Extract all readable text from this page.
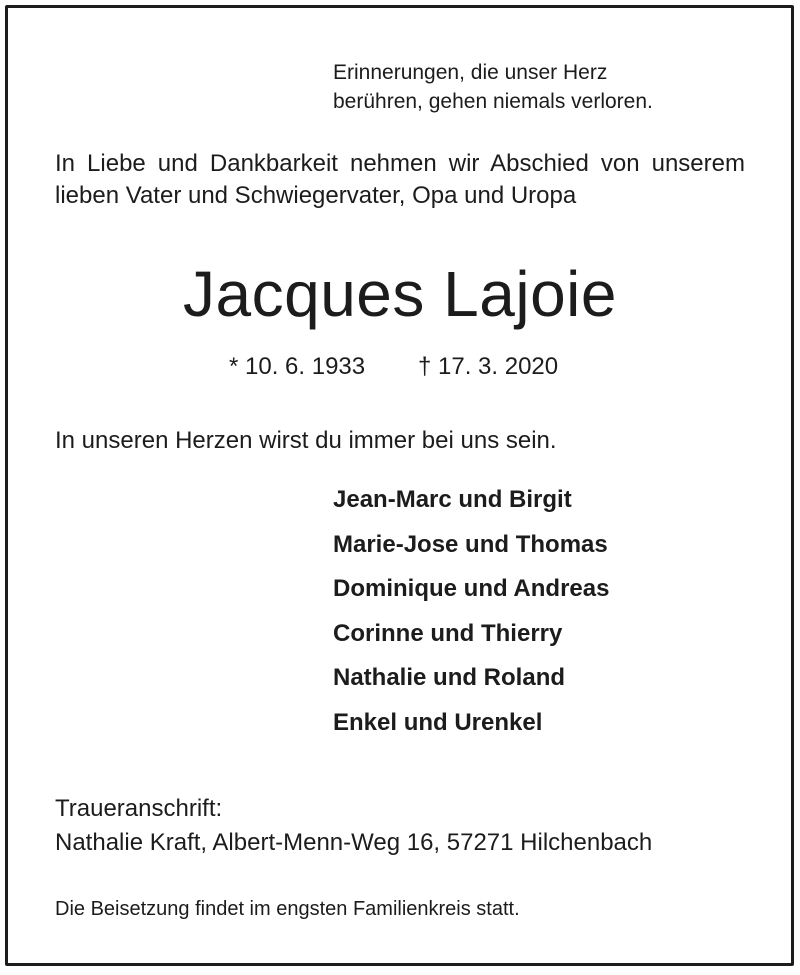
Erinnerungen, die unser Herz
berühren, gehen niemals verloren.
In Liebe und Dankbarkeit nehmen wir Abschied von unserem lieben Vater und Schwiegervater, Opa und Uropa
Jacques Lajoie
* 10. 6. 1933 † 17. 3. 2020
In unseren Herzen wirst du immer bei uns sein.
Jean-Marc und Birgit
Marie-Jose und Thomas
Dominique und Andreas
Corinne und Thierry
Nathalie und Roland
Enkel und Urenkel
Traueranschrift:
Nathalie Kraft, Albert-Menn-Weg 16, 57271 Hilchenbach
Die Beisetzung findet im engsten Familienkreis statt.
